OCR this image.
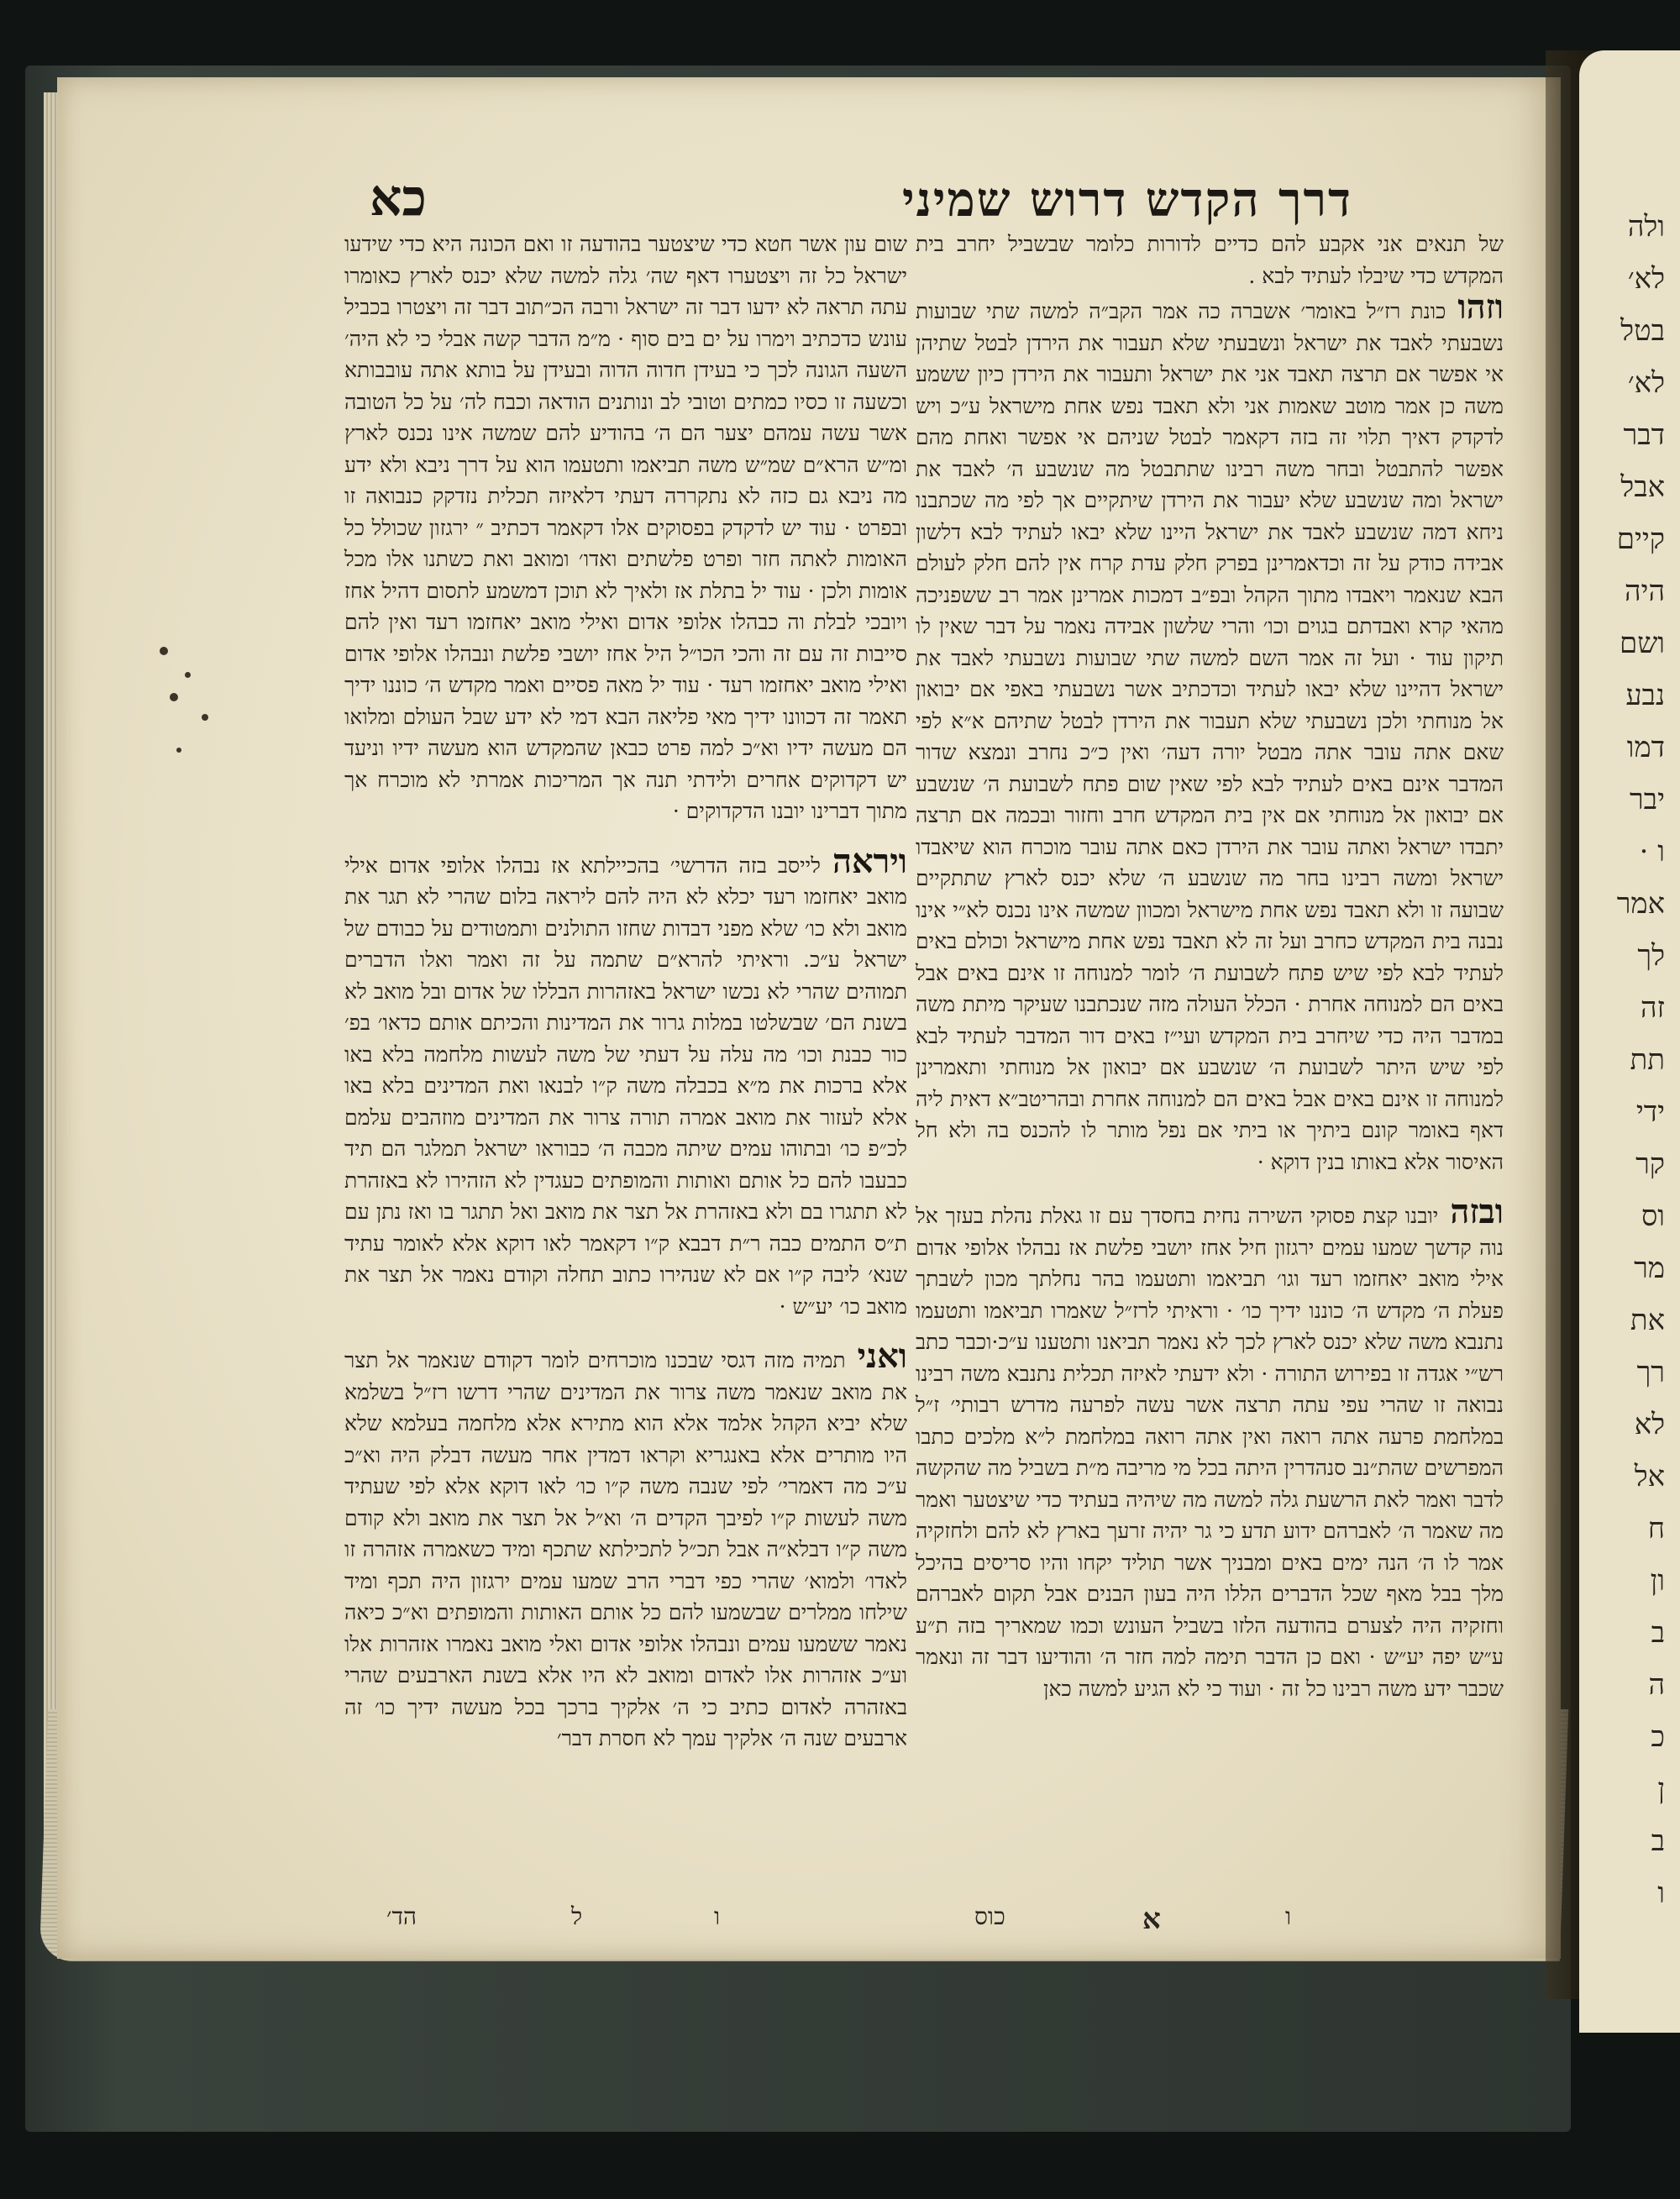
דרך הקדש דרוש שמיני
כא

של תנאים אני אקבע להם כדיים לדורות כלומר שבשביל יחרב בית המקדש כדי שיבלו לעתיד לבא .

וזהוכונת רז״ל באומר׳ אשברה כה אמר הקב״ה למשה שתי שבועות נשבעתי לאבד את ישראל ונשבעתי שלא תעבור את הירדן לבטל שתיהן אי אפשר אם תרצה תאבד אני את ישראל ותעבור את הירדן כיון ששמע משה כן אמר מוטב שאמות אני ולא תאבד נפש אחת מישראל ע״כ ויש לדקדק דאיך תלוי זה בזה דקאמר לבטל שניהם אי אפשר ואחת מהם אפשר להתבטל ובחר משה רבינו שתתבטל מה שנשבע ה׳ לאבד את ישראל ומה שנשבע שלא יעבור את הירדן שיתקיים אך לפי מה שכתבנו ניחא דמה שנשבע לאבד את ישראל היינו שלא יבאו לעתיד לבא דלשון אבידה כודק על זה וכדאמרינן בפרק חלק עדת קרח אין להם חלק לעולם הבא שנאמר ויאבדו מתוך הקהל ובפ״ב דמכות אמרינן אמר רב ששפניכה מהאי קרא ואבדתם בגוים וכו׳ והרי שלשון אבידה נאמר על דבר שאין לו תיקון עוד · ועל זה אמר השם למשה שתי שבועות נשבעתי לאבד את ישראל דהיינו שלא יבאו לעתיד וכדכתיב אשר נשבעתי באפי אם יבואון אל מנוחתי ולכן נשבעתי שלא תעבור את הירדן לבטל שתיהם א״א לפי שאם אתה עובר אתה מבטל יורה דעה׳ ואין כ״כ נחרב ונמצא שדור המדבר אינם באים לעתיד לבא לפי שאין שום פתח לשבועת ה׳ שנשבע אם יבואון אל מנוחתי אם אין בית המקדש חרב וחזור ובכמה אם תרצה יתבדו ישראל ואתה עובר את הירדן כאם אתה עובר מוכרח הוא שיאבדו ישראל ומשה רבינו בחר מה שנשבע ה׳ שלא יכנס לארץ שתתקיים שבועה זו ולא תאבד נפש אחת מישראל ומכוון שמשה אינו נכנס לא״י אינו נבנה בית המקדש כחרב ועל זה לא תאבד נפש אחת מישראל וכולם באים לעתיד לבא לפי שיש פתח לשבועת ה׳ לומר למנוחה זו אינם באים אבל באים הם למנוחה אחרת · הכלל העולה מזה שנכתבנו שעיקר מיתת משה במדבר היה כדי שיחרב בית המקדש ועי״ז באים דור המדבר לעתיד לבא לפי שיש היתר לשבועת ה׳ שנשבע אם יבואון אל מנוחתי ותאמרינן למנוחה זו אינם באים אבל באים הם למנוחה אחרת ובהריטב״א דאית ליה דאף באומר קונם ביתיך או ביתי אם נפל מותר לו להכנס בה ולא חל האיסור אלא באותו בנין דוקא ·

ובזהיובנו קצת פסוקי השירה נחית בחסדך עם זו גאלת נהלת בעזך אל נוה קדשך שמעו עמים ירגזון חיל אחז יושבי פלשת אז נבהלו אלופי אדום אילי מואב יאחזמו רעד וגו׳ תביאמו ותטעמו בהר נחלתך מכון לשבתך פעלת ה׳ מקדש ה׳ כוננו ידיך כו׳ · וראיתי לרז״ל שאמרו תביאמו ותטעמו נתנבא משה שלא יכנס לארץ לכך לא נאמר תביאנו ותטענו ע״כ·וכבר כתב רש״י אגדה זו בפירוש התורה · ולא ידעתי לאיזה תכלית נתנבא משה רבינו נבואה זו שהרי עפי עתה תרצה אשר עשה לפרעה מדרש רבותי׳ ז״ל במלחמת פרעה אתה רואה ואין אתה רואה במלחמת ל״א מלכים כתבו המפרשים שהת״נב סנהדרין היתה בכל מי מריבה מ״ת בשביל מה שהקשה לדבר ואמר לאת הרשעת גלה למשה מה שיהיה בעתיד כדי שיצטער ואמר מה שאמר ה׳ לאברהם ידוע תדע כי גר יהיה זרעך בארץ לא להם ולחזקיה אמר לו ה׳ הנה ימים באים ומבניך אשר תוליד יקחו והיו סריסים בהיכל מלך בבל מאף שכל הדברים הללו היה בעון הבנים אבל תקום לאברהם וחזקיה היה לצערם בהודעה הלזו בשביל העונש וכמו שמאריך בזה ת״ע ע״ש יפה יע״ש · ואם כן הדבר תימה למה חזר ה׳ והודיעו דבר זה ונאמר שכבר ידע משה רבינו כל זה · ועוד כי לא הגיע למשה כאן

שום עון אשר חטא כדי שיצטער בהודעה זו ואם הכונה היא כדי שידעו ישראל כל זה ויצטערו דאף שה׳ גלה למשה שלא יכנס לארץ כאומרו עתה תראה לא ידעו דבר זה ישראל ורבה הכ״תוב דבר זה ויצטרו בכביל עונש כדכתיב וימרו על ים בים סוף · מ״מ הדבר קשה אבלי כי לא היה׳ השעה הגונה לכך כי בעידן חדוה הדוה ובעידן על בותא אתה עובבותא וכשעה זו כסיו כמתים וטובי לב ונותנים הודאה וכבח לה׳ על כל הטובה אשר עשה עמהם יצער הם ה׳ בהודיע להם שמשה אינו נכנס לארץ ומ״ש הרא״ם שמ״ש משה תביאמו ותטעמו הוא על דרך ניבא ולא ידע מה ניבא גם כזה לא נתקררה דעתי דלאיזה תכלית נזדקק כנבואה זו ובפרט · עוד יש לדקדק בפסוקים אלו דקאמר דכתיב ״ ירגזון שכולל כל האומות לאתה חזר ופרט פלשתים ואדו׳ ומואב ואת כשתנו אלו מכל אומות ולכן · עוד יל בתלת אז ולאיך לא תוכן דמשמע לתסום דהיל אחז ויובכי לבלת וה כבהלו אלופי אדום ואילי מואב יאחזמו רעד ואין להם סייבות זה עם זה והכי הכו״ל היל אחז יושבי פלשת ונבהלו אלופי אדום ואילי מואב יאחזמו רעד · עוד יל מאה פסיים ואמר מקדש ה׳ כוננו ידיך תאמר זה דכוונו ידיך מאי פליאה הבא דמי לא ידע שבל העולם ומלואו הם מעשה ידיו וא״כ למה פרט כבאן שהמקדש הוא מעשה ידיו וניעד יש דקדוקים אחרים ולידתי תנה אך המריכות אמרתי לא מוכרח אך מתוך דברינו יובנו הדקדוקים ·

ויראהלייסב בזה הדרשי׳ בהכיילתא אז נבהלו אלופי אדום אילי מואב יאחזמו רעד יכלא לא היה להם ליראה בלום שהרי לא תגר את מואב ולא כו׳ שלא מפני דבדות שחזו התולנים ותמטודים על כבודם של ישראל ע״כ. וראיתי להרא״ם שתמה על זה ואמר ואלו הדברים תמוהים שהרי לא נכשו ישראל באזהרות הבללו של אדום ובל מואב לא בשנת הם׳ שבשלטו במלות גרור את המדינות והכיתם אותם כדאו׳ בפ׳ כור כבנת וכו׳ מה עלה על דעתי של משה לעשות מלחמה בלא באו אלא ברכות את מ״א בכבלה משה ק״ו לבנאו ואת המדינים בלא באו אלא לעזור את מואב אמרה תורה צרור את המדינים מוזהבים עלמם לכ״פ כו׳ ובתוהו עמים שיתה מכבה ה׳ כבוראו ישראל תמלגר הם תיד כבעבו להם כל אותם ואותות והמופתים כעגדין לא הזהירו לא באזהרת לא תתגרו בם ולא באזהרת אל תצר את מואב ואל תתגר בו ואז נתן עם ת״ס התמים כבה ר״ת דבבא ק״ו דקאמר לאו דוקא אלא לאומר עתיד שנא׳ ליבה ק״ו אם לא שנהירו כתוב תחלה וקודם נאמר אל תצר את מואב כו׳ יע״ש ·

ואניתמיה מזה דגסי שבכנו מוכרחים לומר דקודם שנאמר אל תצר את מואב שנאמר משה צרור את המדינים שהרי דרשו רז״ל בשלמא שלא יביא הקהל אלמד אלא הוא מתירא אלא מלחמה בעלמא שלא היו מותרים אלא באנגריא וקראו דמדין אחר מעשה דבלק היה וא״כ ע״כ מה דאמרי׳ לפי שנבה משה ק״ו כו׳ לאו דוקא אלא לפי שעתיד משה לעשות ק״ו לפיבך הקדים ה׳ וא״ל אל תצר את מואב ולא קודם משה ק״ו דבלא״ה אבל תכ״ל לתכילתא שתכף ומיד כשאמרה אזהרה זו לאדו׳ ולמוא׳ שהרי כפי דברי הרב שמעו עמים ירגזון היה תכף ומיד שילחו ממלרים שבשמעו להם כל אותם האותות והמופתים וא״כ כיאה נאמר ששמעו עמים ונבהלו אלופי אדום ואלי מואב נאמרו אזהרות אלו וע״כ אזהרות אלו לאדום ומואב לא היו אלא בשנת הארבעים שהרי באזהרה לאדום כתיב כי ה׳ אלקיך ברכך בכל מעשה ידיך כו׳ זה ארבעים שנה ה׳ אלקיך עמך לא חסרת דבר׳

הד׳	ל	ו	א	ו
כוס
ולה
לא׳
בטל
לא׳
דבר
אבל
קיים
היה
ושם
נבע
דמו
יבר
ו ·
אמר
לך
זה
תת
ידי
קר
וס
מר
את
רך
לא
אל
ח
ון
ב
ה
כ
ן
ב
ו
